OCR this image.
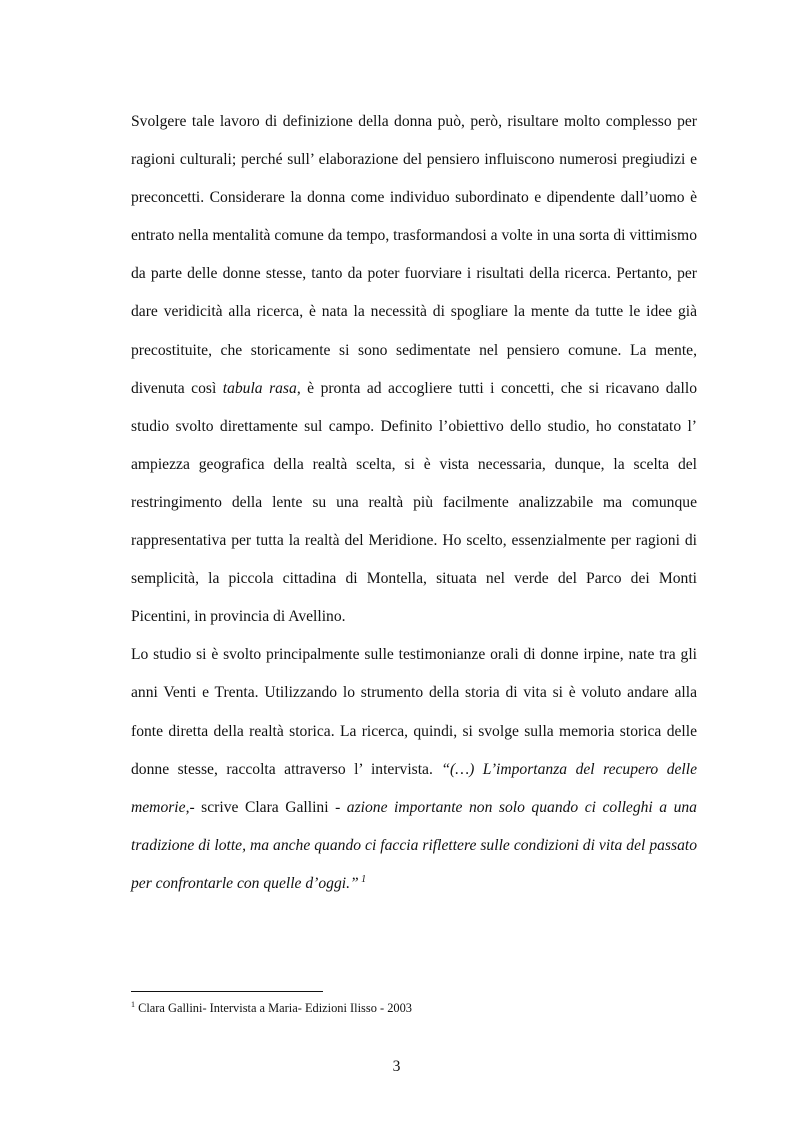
Svolgere tale lavoro di definizione della donna può, però, risultare molto complesso per ragioni culturali; perché sull’ elaborazione del pensiero influiscono numerosi pregiudizi e preconcetti. Considerare la donna come individuo subordinato e dipendente dall’uomo è entrato nella mentalità comune da tempo, trasformandosi a volte in una sorta di vittimismo da parte delle donne stesse, tanto da poter fuorviare i risultati della ricerca. Pertanto, per dare veridicità alla ricerca, è nata la necessità di spogliare la mente da tutte le idee già precostituite, che storicamente si sono sedimentate nel pensiero comune. La mente, divenuta così tabula rasa, è pronta ad accogliere tutti i concetti, che si ricavano dallo studio svolto direttamente sul campo. Definito l’obiettivo dello studio, ho constatato l’ ampiezza geografica della realtà scelta, si è vista necessaria, dunque, la scelta del restringimento della lente su una realtà più facilmente analizzabile ma comunque rappresentativa per tutta la realtà del Meridione. Ho scelto, essenzialmente per ragioni di semplicità, la piccola cittadina di Montella, situata nel verde del Parco dei Monti Picentini, in provincia di Avellino.

Lo studio si è svolto principalmente sulle testimonianze orali di donne irpine, nate tra gli anni Venti e Trenta. Utilizzando lo strumento della storia di vita si è voluto andare alla fonte diretta della realtà storica. La ricerca, quindi, si svolge sulla memoria storica delle donne stesse, raccolta attraverso l’ intervista. “(…) L’importanza del recupero delle memorie,- scrive Clara Gallini - azione importante non solo quando ci colleghi a una tradizione di lotte, ma anche quando ci faccia riflettere sulle condizioni di vita del passato per confrontarle con quelle d’oggi.” $^1$

$^1$ Clara Gallini- Intervista a Maria- Edizioni Ilisso - 2003
3
